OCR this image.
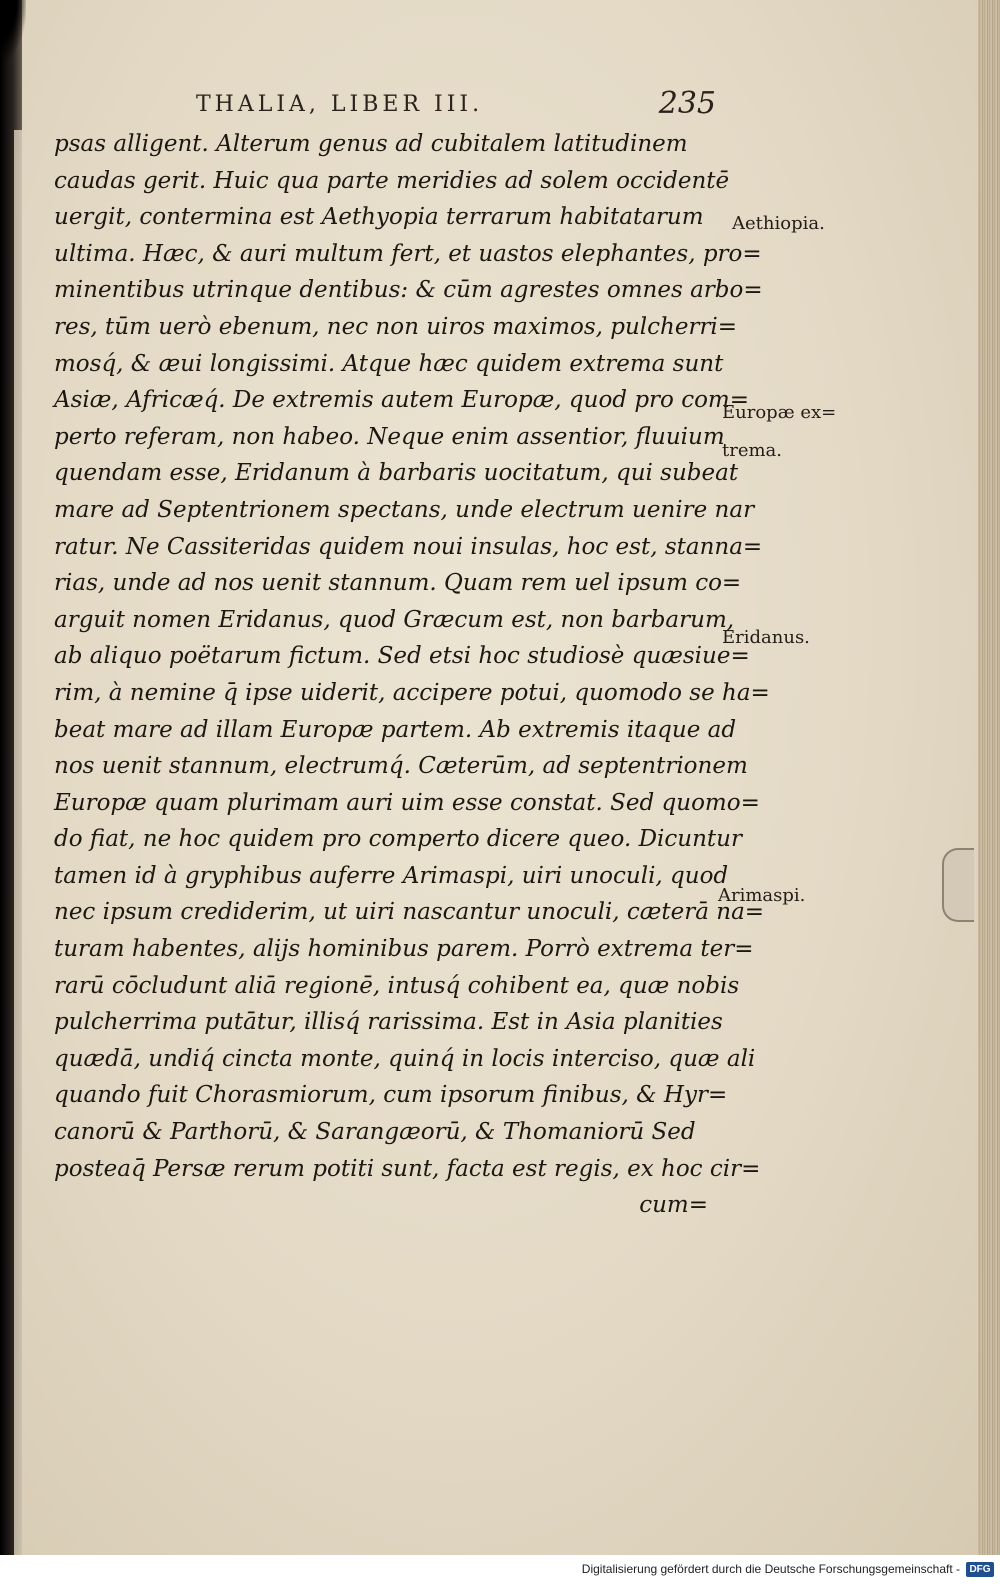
THALIA, LIBER III.	235
psas alligent. Alterum genus ad cubitalem latitudinem
caudas gerit. Huic qua parte meridies ad solem occidentē
uergit, contermina est Aethyopia terrarum habitatarum
ultima. Hæc, & auri multum fert, et uastos elephantes, pro=
minentibus utrinque dentibus: & cūm agrestes omnes arbo=
res, tūm uerò ebenum, nec non uiros maximos, pulcherri=
mosq́, & æui longissimi. Atque hæc quidem extrema sunt
Asiæ, Africæq́. De extremis autem Europæ, quod pro com=
perto referam, non habeo. Neque enim assentior, fluuium
quendam esse, Eridanum à barbaris uocitatum, qui subeat
mare ad Septentrionem spectans, unde electrum uenire nar
ratur. Ne Cassiteridas quidem noui insulas, hoc est, stanna=
rias, unde ad nos uenit stannum. Quam rem uel ipsum co=
arguit nomen Eridanus, quod Græcum est, non barbarum,
ab aliquo poëtarum fictum. Sed etsi hoc studiosè quæsiue=
rim, à nemine q̄ ipse uiderit, accipere potui, quomodo se ha=
beat mare ad illam Europæ partem. Ab extremis itaque ad
nos uenit stannum, electrumq́. Cæterūm, ad septentrionem
Europæ quam plurimam auri uim esse constat. Sed quomo=
do fiat, ne hoc quidem pro comperto dicere queo. Dicuntur
tamen id à gryphibus auferre Arimaspi, uiri unoculi, quod
nec ipsum crediderim, ut uiri nascantur unoculi, cæterā na=
turam habentes, alijs hominibus parem. Porrò extrema ter=
rarū cōcludunt aliā regionē, intusq́ cohibent ea, quæ nobis
pulcherrima putātur, illisq́ rarissima. Est in Asia planities
quædā, undiq́ cincta monte, quinq́ in locis interciso, quæ ali
quando fuit Chorasmiorum, cum ipsorum finibus, & Hyr=
canorū & Parthorū, & Sarangæorū, & Thomaniorū Sed
posteaq̄ Persæ rerum potiti sunt, facta est regis, ex hoc cir=
cum=
Aethiopia.
Europæ ex=
trema.
Eridanus.
Arimaspi.
Digitalisierung gefördert durch die Deutsche Forschungsgemeinschaft - DFG
